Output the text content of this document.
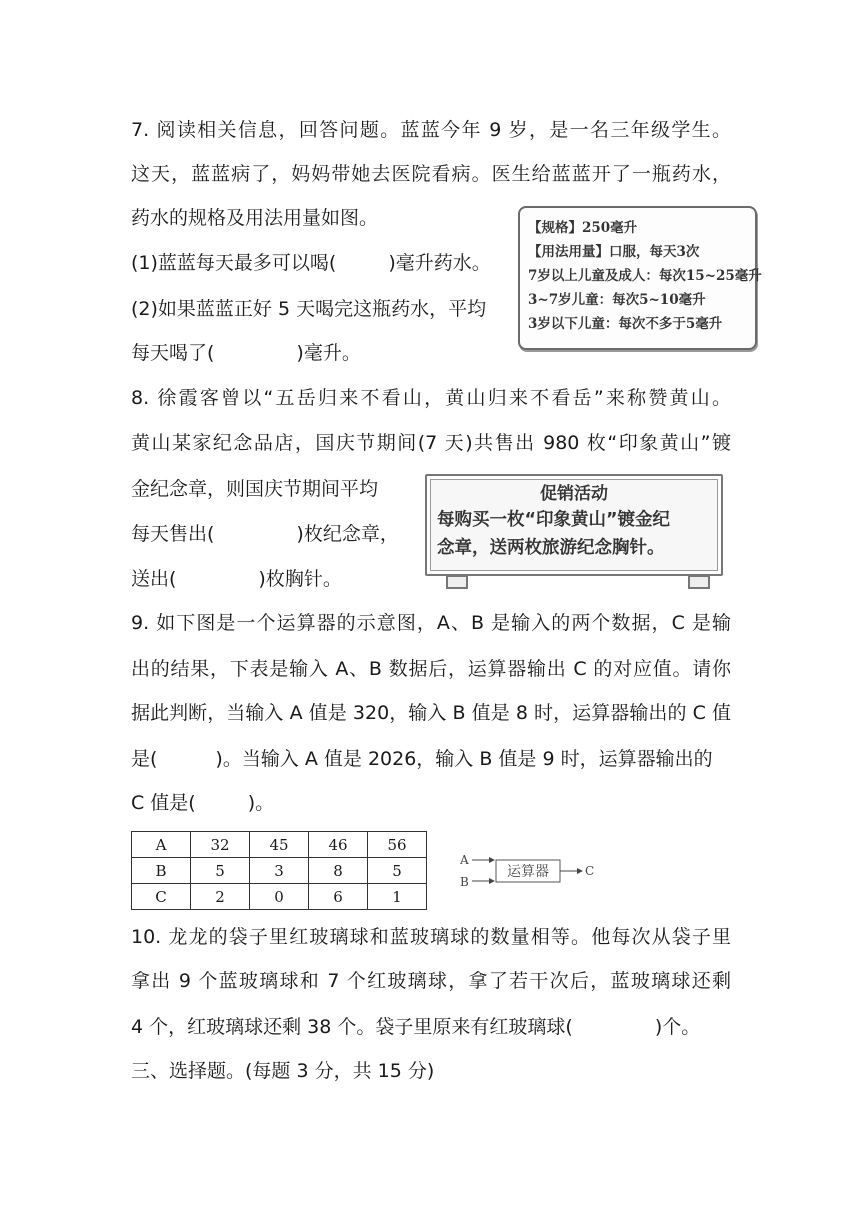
7. 阅读相关信息，回答问题。蓝蓝今年 9 岁，是一名三年级学生。
这天，蓝蓝病了，妈妈带她去医院看病。医生给蓝蓝开了一瓶药水，
药水的规格及用法用量如图。
(1)蓝蓝每天最多可以喝(	)毫升药水。
(2)如果蓝蓝正好 5 天喝完这瓶药水，平均
每天喝了(	)毫升。
【规格】250毫升
【用法用量】口服，每天3次
7岁以上儿童及成人：每次15~25毫升
3~7岁儿童：每次5~10毫升
3岁以下儿童：每次不多于5毫升
8. 徐霞客曾以“五岳归来不看山，黄山归来不看岳”来称赞黄山。
黄山某家纪念品店，国庆节期间(7 天)共售出 980 枚“印象黄山”镀
金纪念章，则国庆节期间平均
每天售出(	)枚纪念章，
送出(	)枚胸针。
促销活动
每购买一枚“印象黄山”镀金纪
念章，送两枚旅游纪念胸针。
9. 如下图是一个运算器的示意图，A、B 是输入的两个数据，C 是输
出的结果，下表是输入 A、B 数据后，运算器输出 C 的对应值。请你
据此判断，当输入 A 值是 320，输入 B 值是 8 时，运算器输出的 C 值
是(	)。当输入 A 值是 2026，输入 B 值是 9 时，运算器输出的
C 值是(	)。
A	32	45	46	56
B	5	3	8	5
C	2	0	6	1
A
B
运算器	C
10. 龙龙的袋子里红玻璃球和蓝玻璃球的数量相等。他每次从袋子里
拿出 9 个蓝玻璃球和 7 个红玻璃球，拿了若干次后，蓝玻璃球还剩
4 个，红玻璃球还剩 38 个。袋子里原来有红玻璃球(	)个。
三、选择题。(每题 3 分，共 15 分)
